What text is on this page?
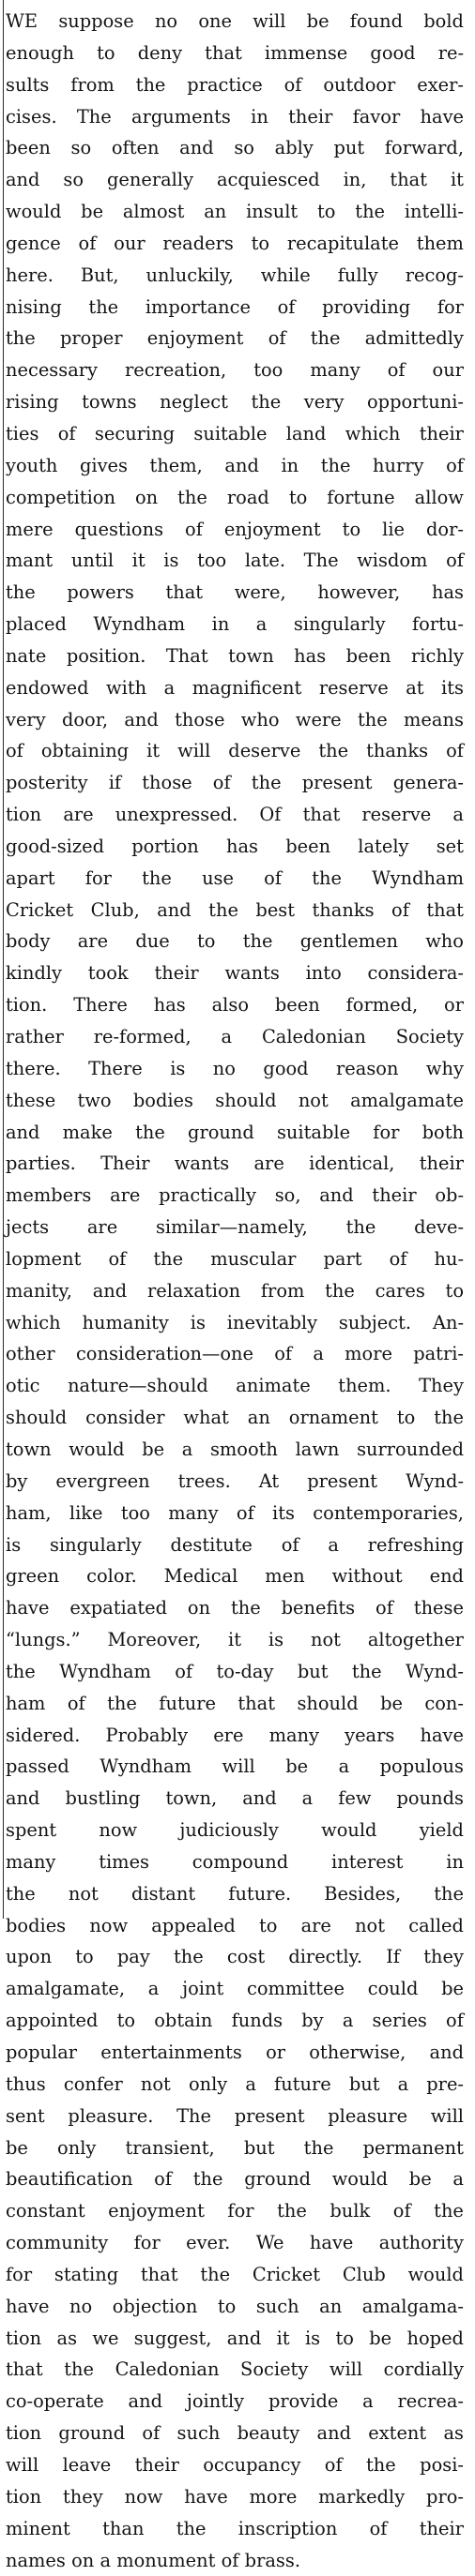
WE suppose no one will be found bold
enough to deny that immense good re-
sults from the practice of outdoor exer-
cises. The arguments in their favor have
been so often and so ably put forward,
and so generally acquiesced in, that it
would be almost an insult to the intelli-
gence of our readers to recapitulate them
here. But, unluckily, while fully recog-
nising the importance of providing for
the proper enjoyment of the admittedly
necessary recreation, too many of our
rising towns neglect the very opportuni-
ties of securing suitable land which their
youth gives them, and in the hurry of
competition on the road to fortune allow
mere questions of enjoyment to lie dor-
mant until it is too late. The wisdom of
the powers that were, however, has
placed Wyndham in a singularly fortu-
nate position. That town has been richly
endowed with a magnificent reserve at its
very door, and those who were the means
of obtaining it will deserve the thanks of
posterity if those of the present genera-
tion are unexpressed. Of that reserve a
good-sized portion has been lately set
apart for the use of the Wyndham
Cricket Club, and the best thanks of that
body are due to the gentlemen who
kindly took their wants into considera-
tion. There has also been formed, or
rather re-formed, a Caledonian Society
there. There is no good reason why
these two bodies should not amalgamate
and make the ground suitable for both
parties. Their wants are identical, their
members are practically so, and their ob-
jects are similar—namely, the deve-
lopment of the muscular part of hu-
manity, and relaxation from the cares to
which humanity is inevitably subject. An-
other consideration—one of a more patri-
otic nature—should animate them. They
should consider what an ornament to the
town would be a smooth lawn surrounded
by evergreen trees. At present Wynd-
ham, like too many of its contemporaries,
is singularly destitute of a refreshing
green color. Medical men without end
have expatiated on the benefits of these
“lungs.” Moreover, it is not altogether
the Wyndham of to-day but the Wynd-
ham of the future that should be con-
sidered. Probably ere many years have
passed Wyndham will be a populous
and bustling town, and a few pounds
spent now judiciously would yield
many times compound interest in
the not distant future. Besides, the
bodies now appealed to are not called
upon to pay the cost directly. If they
amalgamate, a joint committee could be
appointed to obtain funds by a series of
popular entertainments or otherwise, and
thus confer not only a future but a pre-
sent pleasure. The present pleasure will
be only transient, but the permanent
beautification of the ground would be a
constant enjoyment for the bulk of the
community for ever. We have authority
for stating that the Cricket Club would
have no objection to such an amalgama-
tion as we suggest, and it is to be hoped
that the Caledonian Society will cordially
co-operate and jointly provide a recrea-
tion ground of such beauty and extent as
will leave their occupancy of the posi-
tion they now have more markedly pro-
minent than the inscription of their
names on a monument of brass.
